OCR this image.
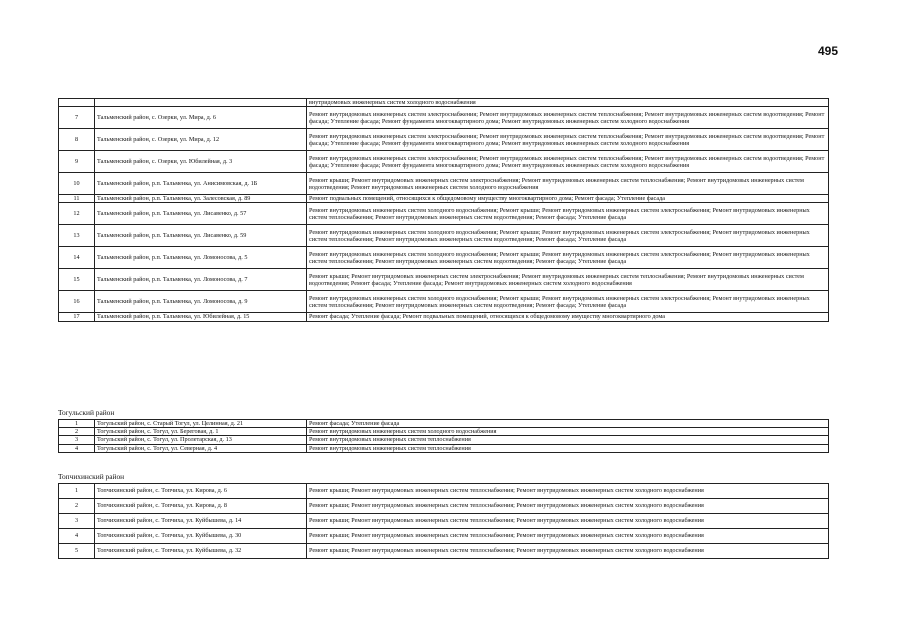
495
		внутридомовых инженерных систем холодного водоснабжения
7	Тальменский район, с. Озерки, ул. Мира, д. 6	Ремонт внутридомовых инженерных систем электроснабжения; Ремонт внутридомовых инженерных систем теплоснабжения; Ремонт внутридомовых инженерных систем водоотведения; Ремонт фасада; Утепление фасада; Ремонт фундамента многоквартирного дома; Ремонт внутридомовых инженерных систем холодного водоснабжения
8	Тальменский район, с. Озерки, ул. Мира, д. 12	Ремонт внутридомовых инженерных систем электроснабжения; Ремонт внутридомовых инженерных систем теплоснабжения; Ремонт внутридомовых инженерных систем водоотведения; Ремонт фасада; Утепление фасада; Ремонт фундамента многоквартирного дома; Ремонт внутридомовых инженерных систем холодного водоснабжения
9	Тальменский район, с. Озерки, ул. Юбилейная, д. 3	Ремонт внутридомовых инженерных систем электроснабжения; Ремонт внутридомовых инженерных систем теплоснабжения; Ремонт внутридомовых инженерных систем водоотведения; Ремонт фасада; Утепление фасада; Ремонт фундамента многоквартирного дома; Ремонт внутридомовых инженерных систем холодного водоснабжения
10	Тальменский район, р.п. Тальменка, ул. Анисимовская, д. 1Б	Ремонт крыши; Ремонт внутридомовых инженерных систем электроснабжения; Ремонт внутридомовых инженерных систем теплоснабжения; Ремонт внутридомовых инженерных систем водоотведения; Ремонт внутридомовых инженерных систем холодного водоснабжения
11	Тальменский район, р.п. Тальменка, ул. Залесовская, д. 89	Ремонт подвальных помещений, относящихся к общедомовому имуществу многоквартирного дома; Ремонт фасада; Утепление фасада
12	Тальменский район, р.п. Тальменка, ул. Лисавенко, д. 57	Ремонт внутридомовых инженерных систем холодного водоснабжения; Ремонт крыши; Ремонт внутридомовых инженерных систем электроснабжения; Ремонт внутридомовых инженерных систем теплоснабжения; Ремонт внутридомовых инженерных систем водоотведения; Ремонт фасада; Утепление фасада
13	Тальменский район, р.п. Тальменка, ул. Лисавенко, д. 59	Ремонт внутридомовых инженерных систем холодного водоснабжения; Ремонт крыши; Ремонт внутридомовых инженерных систем электроснабжения; Ремонт внутридомовых инженерных систем теплоснабжения; Ремонт внутридомовых инженерных систем водоотведения; Ремонт фасада; Утепление фасада
14	Тальменский район, р.п. Тальменка, ул. Ломоносова, д. 5	Ремонт внутридомовых инженерных систем холодного водоснабжения; Ремонт крыши; Ремонт внутридомовых инженерных систем электроснабжения; Ремонт внутридомовых инженерных систем теплоснабжения; Ремонт внутридомовых инженерных систем водоотведения; Ремонт фасада; Утепление фасада
15	Тальменский район, р.п. Тальменка, ул. Ломоносова, д. 7	Ремонт крыши; Ремонт внутридомовых инженерных систем электроснабжения; Ремонт внутридомовых инженерных систем теплоснабжения; Ремонт внутридомовых инженерных систем водоотведения; Ремонт фасада; Утепление фасада; Ремонт внутридомовых инженерных систем холодного водоснабжения
16	Тальменский район, р.п. Тальменка, ул. Ломоносова, д. 9	Ремонт внутридомовых инженерных систем холодного водоснабжения; Ремонт крыши; Ремонт внутридомовых инженерных систем электроснабжения; Ремонт внутридомовых инженерных систем теплоснабжения; Ремонт внутридомовых инженерных систем водоотведения; Ремонт фасада; Утепление фасада
17	Тальменский район, р.п. Тальменка, ул. Юбилейная, д. 15	Ремонт фасада; Утепление фасада; Ремонт подвальных помещений, относящихся к общедомовому имуществу многоквартирного дома
Тогульский район
1	Тогульский район, с. Старый Тогул, ул. Целинная, д. 21	Ремонт фасада; Утепление фасада
2	Тогульский район, с. Тогул, ул. Береговая, д. 1	Ремонт внутридомовых инженерных систем холодного водоснабжения
3	Тогульский район, с. Тогул, ул. Пролетарская, д. 13	Ремонт внутридомовых инженерных систем теплоснабжения
4	Тогульский район, с. Тогул, ул. Северная, д. 4	Ремонт внутридомовых инженерных систем теплоснабжения
Топчихинский район
1	Топчихинский район, с. Топчиха, ул. Кирова, д. 6	Ремонт крыши; Ремонт внутридомовых инженерных систем теплоснабжения; Ремонт внутридомовых инженерных систем холодного водоснабжения
2	Топчихинский район, с. Топчиха, ул. Кирова, д. 8	Ремонт крыши; Ремонт внутридомовых инженерных систем теплоснабжения; Ремонт внутридомовых инженерных систем холодного водоснабжения
3	Топчихинский район, с. Топчиха, ул. Куйбышева, д. 14	Ремонт крыши; Ремонт внутридомовых инженерных систем теплоснабжения; Ремонт внутридомовых инженерных систем холодного водоснабжения
4	Топчихинский район, с. Топчиха, ул. Куйбышева, д. 30	Ремонт крыши; Ремонт внутридомовых инженерных систем теплоснабжения; Ремонт внутридомовых инженерных систем холодного водоснабжения
5	Топчихинский район, с. Топчиха, ул. Куйбышева, д. 32	Ремонт крыши; Ремонт внутридомовых инженерных систем теплоснабжения; Ремонт внутридомовых инженерных систем холодного водоснабжения
